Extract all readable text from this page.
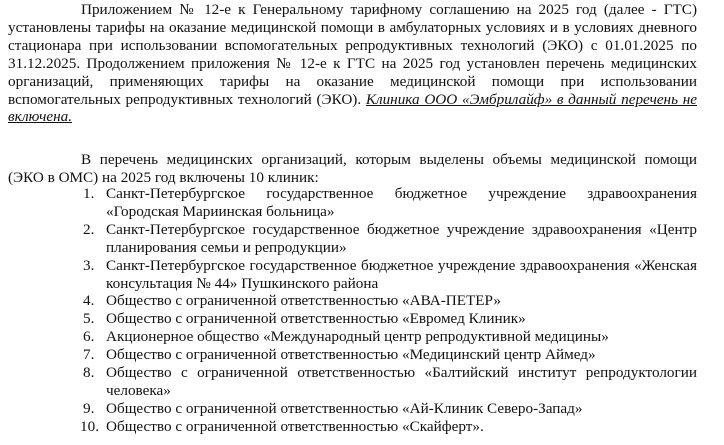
Приложением № 12-е к Генеральному тарифному соглашению на 2025 год (далее - ГТС) установлены тарифы на оказание медицинской помощи в амбулаторных условиях и в условиях дневного стационара при использовании вспомогательных репродуктивных технологий (ЭКО) с 01.01.2025 по 31.12.2025. Продолжением приложения № 12-е к ГТС на 2025 год установлен перечень медицинских организаций, применяющих тарифы на оказание медицинской помощи при использовании вспомогательных репродуктивных технологий (ЭКО). Клиника ООО «Эмбрилайф» в данный перечень не включена.

В перечень медицинских организаций, которым выделены объемы медицинской помощи (ЭКО в ОМС) на 2025 год включены 10 клиник:

1. Санкт-Петербургское государственное бюджетное учреждение здравоохранения «Городская Мариинская больница»
2. Санкт-Петербургское государственное бюджетное учреждение здравоохранения «Центр планирования семьи и репродукции»
3. Санкт-Петербургское государственное бюджетное учреждение здравоохранения «Женская консультация № 44» Пушкинского района
4. Общество с ограниченной ответственностью «АВА-ПЕТЕР»
5. Общество с ограниченной ответственностью «Евромед Клиник»
6. Акционерное общество «Международный центр репродуктивной медицины»
7. Общество с ограниченной ответственностью «Медицинский центр Аймед»
8. Общество с ограниченной ответственностью «Балтийский институт репродуктологии человека»
9. Общество с ограниченной ответственностью «Ай-Клиник Северо-Запад»
10. Общество с ограниченной ответственностью «Скайферт».
